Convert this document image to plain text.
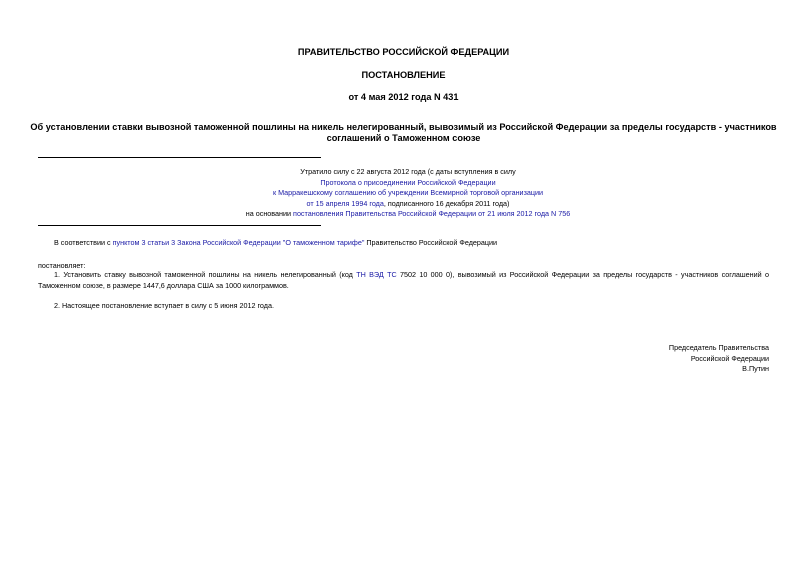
ПРАВИТЕЛЬСТВО РОССИЙСКОЙ ФЕДЕРАЦИИ
ПОСТАНОВЛЕНИЕ
от 4 мая 2012 года N 431
Об установлении ставки вывозной таможенной пошлины на никель нелегированный, вывозимый из Российской Федерации за пределы государств - участников
соглашений о Таможенном союзе
Утратило силу с 22 августа 2012 года (с даты вступления в силу
Протокола о присоединении Российской Федерации
к Марракешскому соглашению об учреждении Всемирной торговой организации
от 15 апреля 1994 года, подписанного 16 декабря 2011 года)
на основании постановления Правительства Российской Федерации от 21 июля 2012 года N 756
В соответствии с пунктом 3 статьи 3 Закона Российской Федерации "О таможенном тарифе" Правительство Российской Федерации
постановляет:
1. Установить ставку вывозной таможенной пошлины на никель нелегированный (код ТН ВЭД ТС 7502 10 000 0), вывозимый из Российской Федерации за пределы государств - участников соглашений о
Таможенном союзе, в размере 1447,6 доллара США за 1000 килограммов.
2. Настоящее постановление вступает в силу с 5 июня 2012 года.
Председатель Правительства
Российской Федерации
В.Путин
